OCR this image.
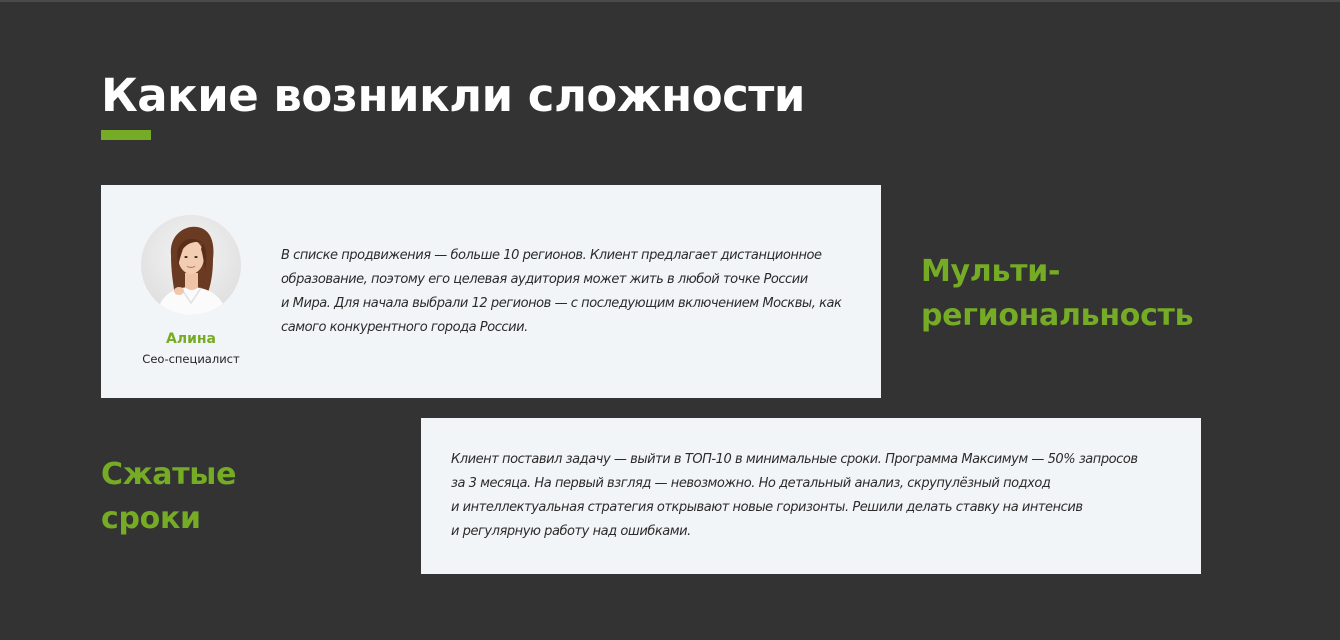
Какие возникли сложности
Алина
Сео-специалист

В списке продвижения — больше 10 регионов. Клиент предлагает дистанционное
образование, поэтому его целевая аудитория может жить в любой точке России
и Мира. Для начала выбрали 12 регионов — с последующим включением Москвы, как
самого конкурентного города России.

Мульти-
региональность
Сжатые
сроки

Клиент поставил задачу — выйти в ТОП-10 в минимальные сроки. Программа Максимум — 50% запросов
за 3 месяца. На первый взгляд — невозможно. Но детальный анализ, скрупулёзный подход
и интеллектуальная стратегия открывают новые горизонты. Решили делать ставку на интенсив
и регулярную работу над ошибками.
